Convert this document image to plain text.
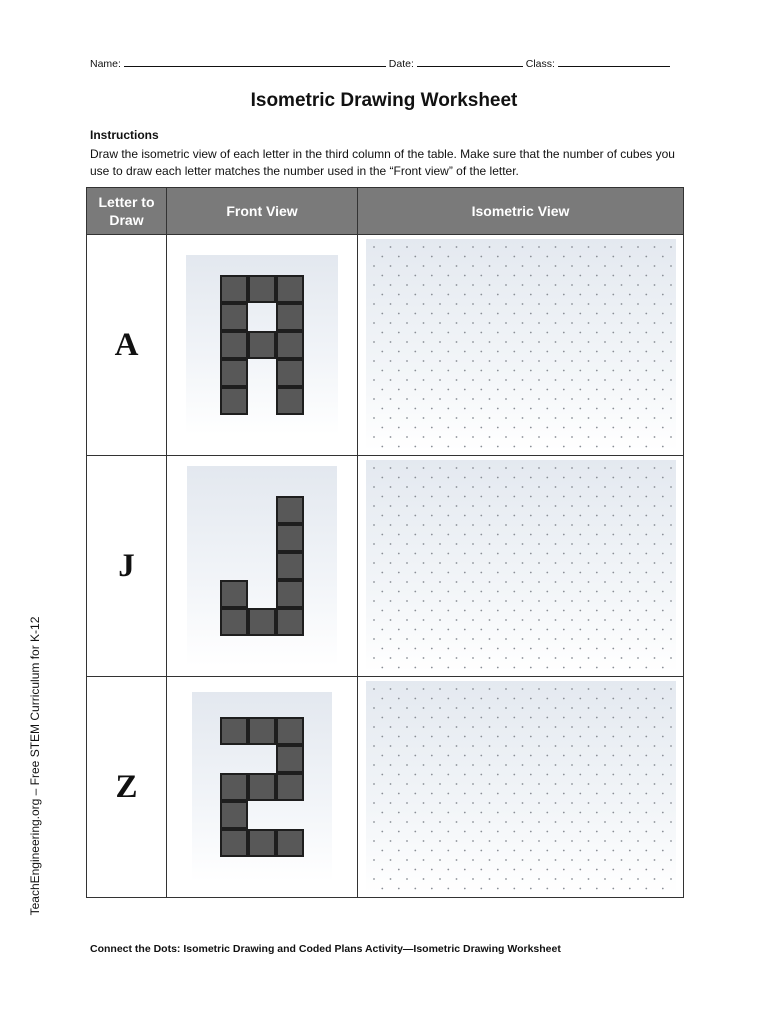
Name:	Date:	Class:
Isometric Drawing Worksheet
Instructions
Draw the isometric view of each letter in the third column of the table. Make sure that the number of cubes you use to draw each letter matches the number used in the “Front view” of the letter.
Letter to Draw	Front View	Isometric View
A	

J	

Z	

Connect the Dots: Isometric Drawing and Coded Plans Activity—Isometric Drawing Worksheet
TeachEngineering.org – Free STEM Curriculum for K-12
